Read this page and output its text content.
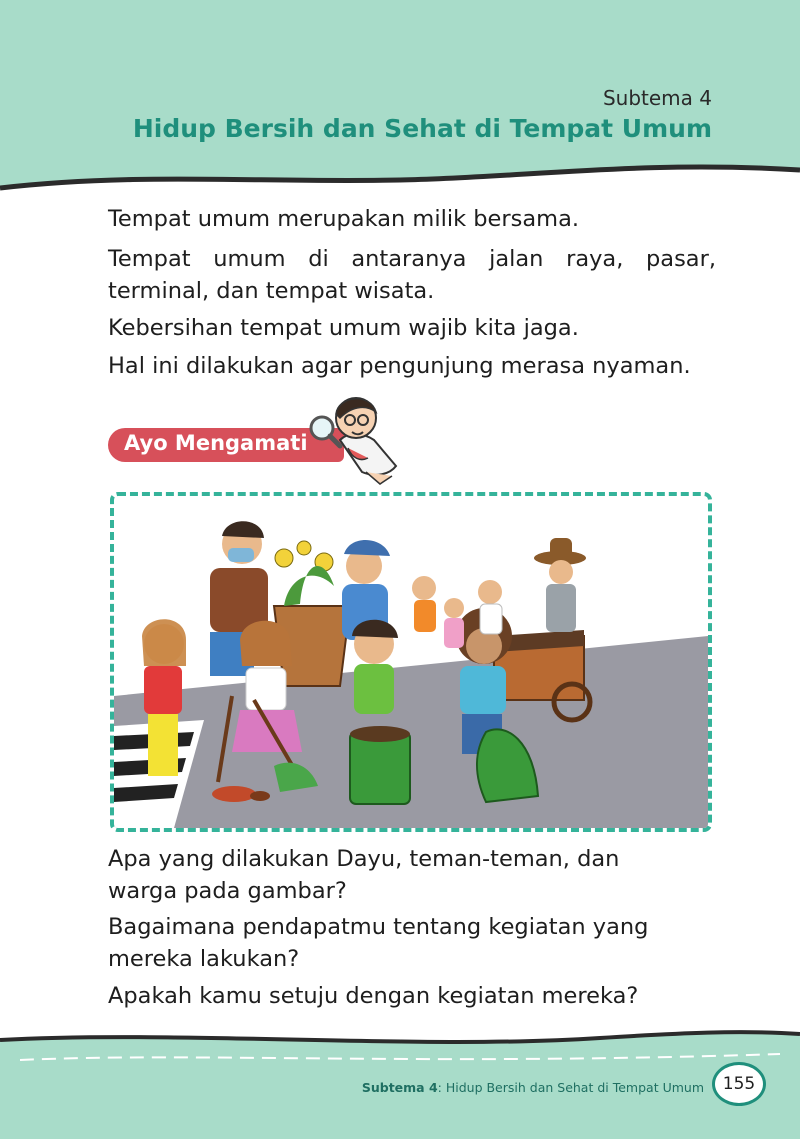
Subtema 4
Hidup Bersih dan Sehat di Tempat Umum
Tempat umum merupakan milik bersama.
Tempat umum di antaranya jalan raya, pasar, terminal, dan tempat wisata.
Kebersihan tempat umum wajib kita jaga.
Hal ini dilakukan agar pengunjung merasa nyaman.
Ayo Mengamati
Apa yang dilakukan Dayu, teman-teman, dan warga pada gambar?
Bagaimana pendapatmu tentang kegiatan yang mereka lakukan?
Apakah kamu setuju dengan kegiatan mereka?
Subtema 4: Hidup Bersih dan Sehat di Tempat Umum	155
